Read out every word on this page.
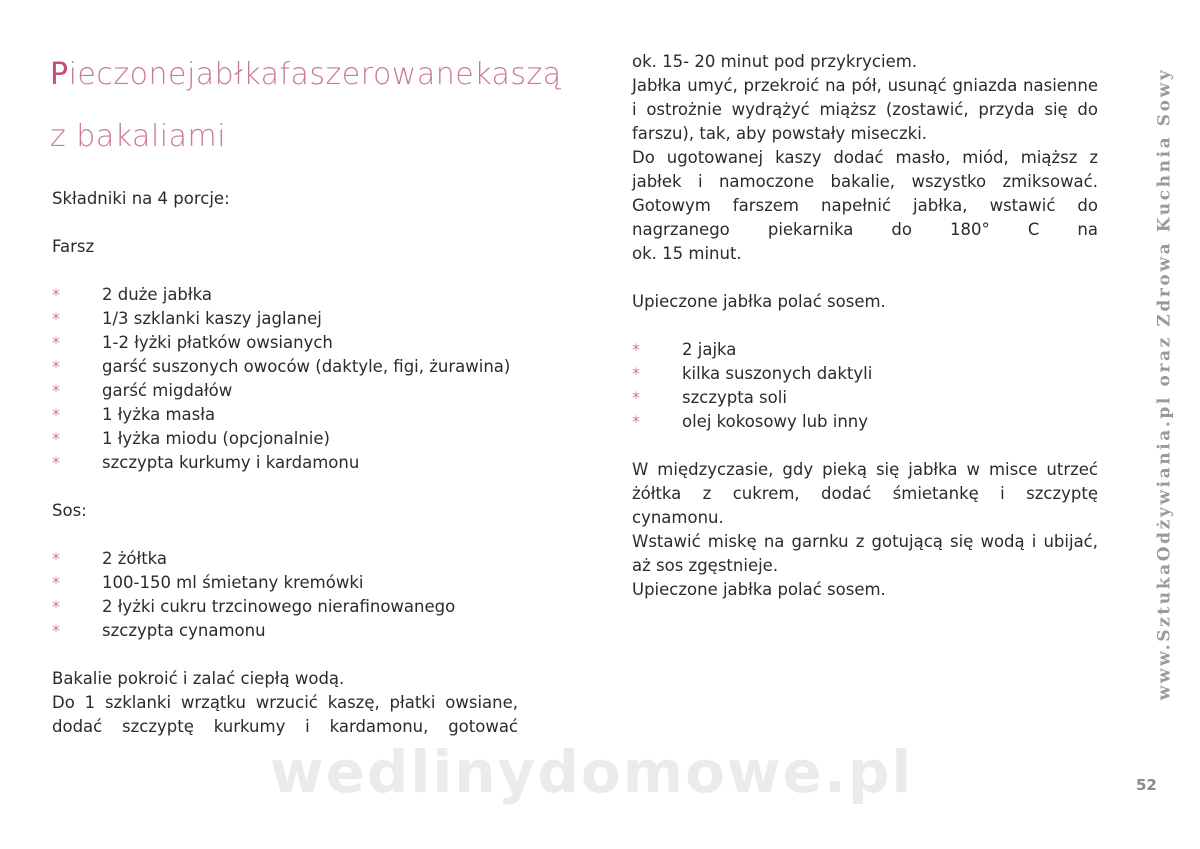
Pieczone jabłka faszerowane kaszą
z bakaliami

Składniki na 4 porcje:

Farsz

*	2 duże jabłka
*	1/3 szklanki kaszy jaglanej
*	1-2 łyżki płatków owsianych
*	garść suszonych owoców (daktyle, figi, żurawina)
*	garść migdałów
*	1 łyżka masła
*	1 łyżka miodu (opcjonalnie)
*	szczypta kurkumy i kardamonu

Sos:

*	2 żółtka
*	100-150 ml śmietany kremówki
*	2 łyżki cukru trzcinowego nierafinowanego
*	szczypta cynamonu

Bakalie pokroić i zalać ciepłą wodą.

Do 1 szklanki wrzątku wrzucić kaszę, płatki owsiane, dodać szczyptę kurkumy i kardamonu, gotować

ok. 15- 20 minut pod przykryciem.

Jabłka umyć, przekroić na pół, usunąć gniazda nasienne i ostrożnie wydrążyć miąższ (zostawić, przyda się do farszu), tak, aby powstały miseczki.

Do ugotowanej kaszy dodać masło, miód, miąższ z jabłek i namoczone bakalie, wszystko zmiksować. Gotowym farszem napełnić jabłka, wstawić do nagrzanego piekarnika do 180° C na

ok. 15 minut.

Upieczone jabłka polać sosem.

*	2 jajka
*	kilka suszonych daktyli
*	szczypta soli
*	olej kokosowy lub inny

W międzyczasie, gdy pieką się jabłka w misce utrzeć żółtka z cukrem, dodać śmietankę i szczyptę cynamonu.

Wstawić miskę na garnku z gotującą się wodą i ubijać, aż sos zgęstnieje.

Upieczone jabłka polać sosem.	www.SztukaOdżywiania.pl oraz Zdrowa Kuchnia Sowy
52
wedlinydomowe.pl
